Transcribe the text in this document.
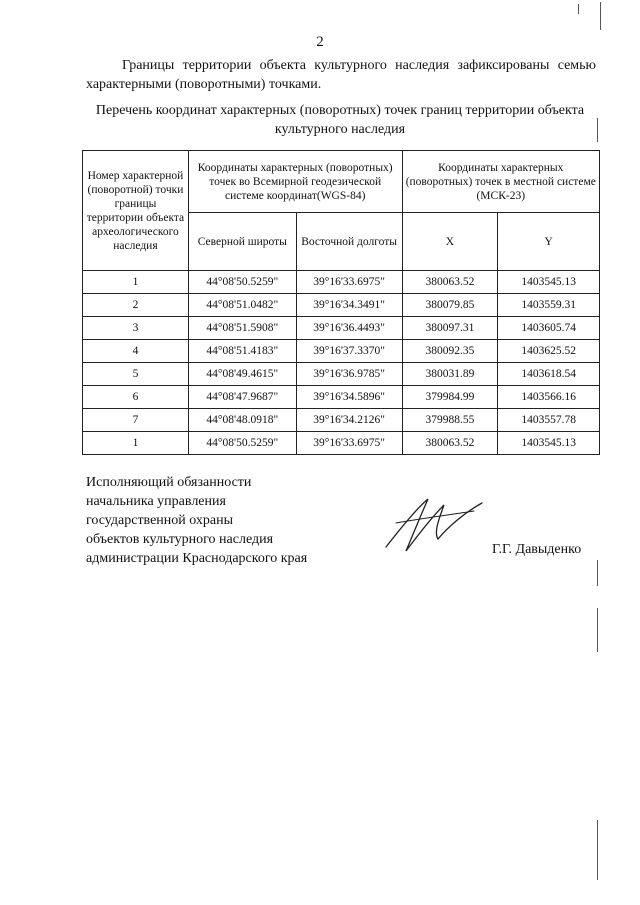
2

Границы территории объекта культурного наследия зафиксированы семью характерными (поворотными) точками.

Перечень координат характерных (поворотных) точек границ территории объекта культурного наследия

Номер характерной (поворотной) точки границы территории объекта археологического наследия	Координаты характерных (поворотных) точек во Всемирной геодезической системе координат(WGS-84)		Координаты характерных (поворотных) точек в местной системе (МСК-23)	
	Северной широты	Восточной долготы	X	Y
1	44°08'50.5259"	39°16'33.6975"	380063.52	1403545.13
2	44°08'51.0482"	39°16'34.3491"	380079.85	1403559.31
3	44°08'51.5908"	39°16'36.4493"	380097.31	1403605.74
4	44°08'51.4183"	39°16'37.3370"	380092.35	1403625.52
5	44°08'49.4615"	39°16'36.9785"	380031.89	1403618.54
6	44°08'47.9687"	39°16'34.5896"	379984.99	1403566.16
7	44°08'48.0918"	39°16'34.2126"	379988.55	1403557.78
1	44°08'50.5259"	39°16'33.6975"	380063.52	1403545.13
Исполняющий обязанности
начальника управления
государственной охраны
объектов культурного наследия
администрации Краснодарского края
Г.Г. Давыденко
